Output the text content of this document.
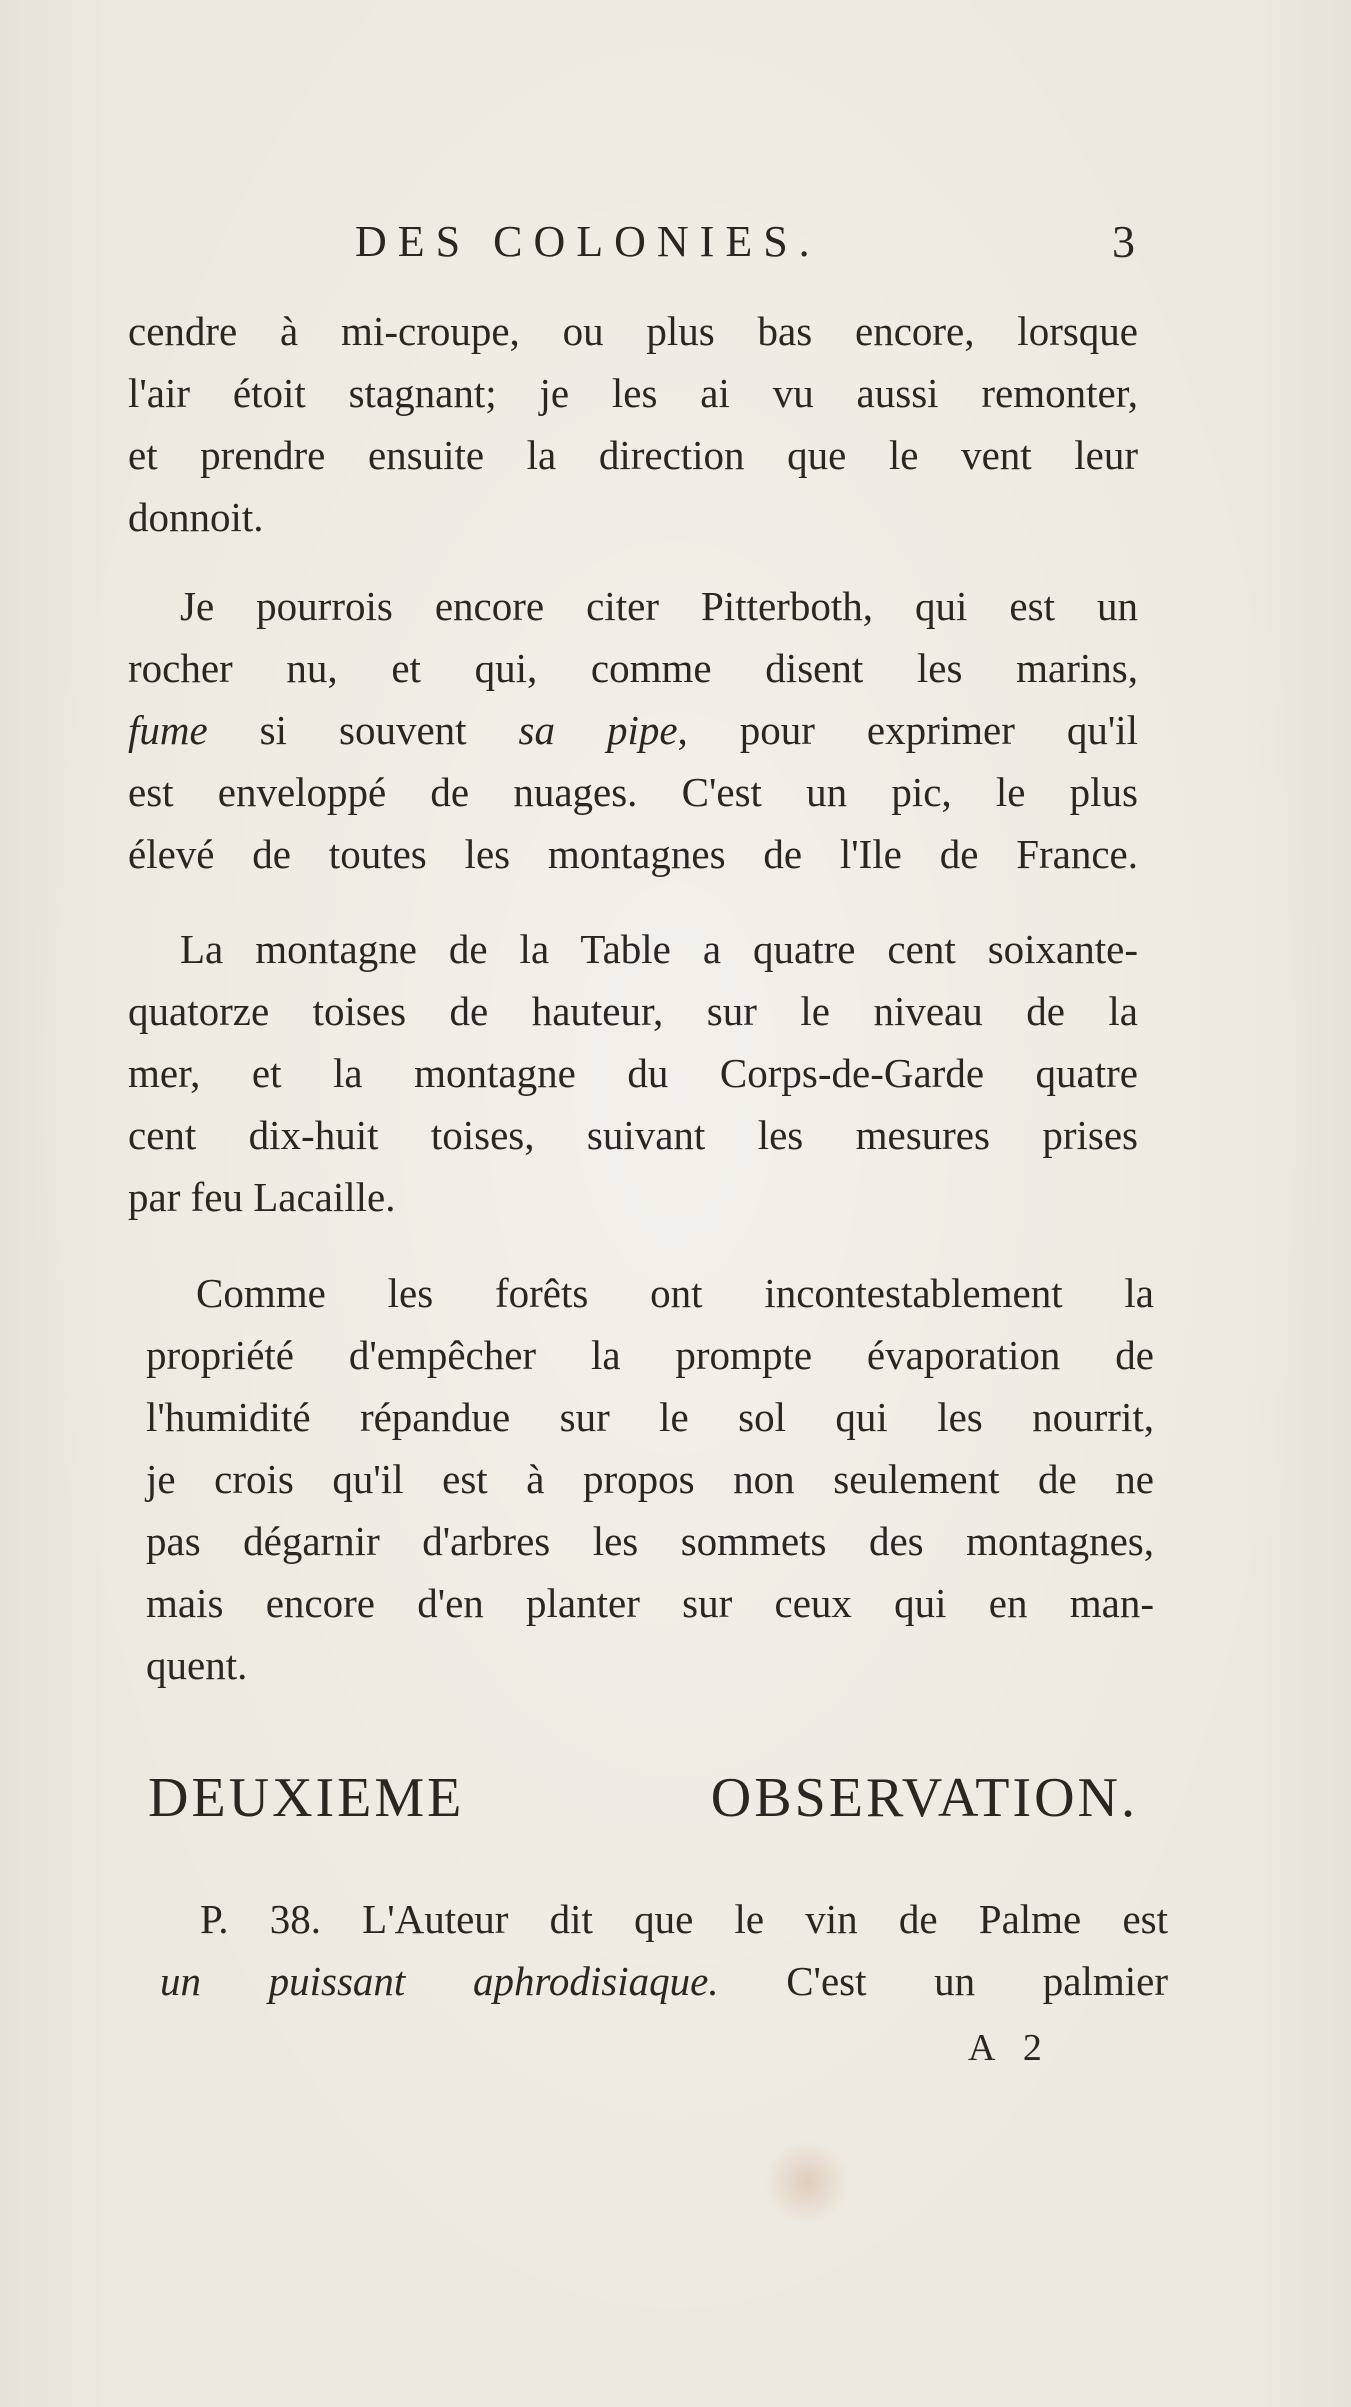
DES COLONIES.	3
cendre à mi-croupe, ou plus bas encore, lorsque
l'air étoit stagnant; je les ai vu aussi remonter,
et prendre ensuite la direction que le vent leur
donnoit.
Je pourrois encore citer Pitterboth, qui est un
rocher nu, et qui, comme disent les marins,
fume si souvent sa pipe, pour exprimer qu'il
est enveloppé de nuages. C'est un pic, le plus
élevé de toutes les montagnes de l'Ile de France.
La montagne de la Table a quatre cent soixante-
quatorze toises de hauteur, sur le niveau de la
mer, et la montagne du Corps-de-Garde quatre
cent dix-huit toises, suivant les mesures prises
par feu Lacaille.
Comme les forêts ont incontestablement la
propriété d'empêcher la prompte évaporation de
l'humidité répandue sur le sol qui les nourrit,
je crois qu'il est à propos non seulement de ne
pas dégarnir d'arbres les sommets des montagnes,
mais encore d'en planter sur ceux qui en man-
quent.
DEUXIEME OBSERVATION.
P. 38. L'Auteur dit que le vin de Palme est
un puissant aphrodisiaque. C'est un palmier
A 2
